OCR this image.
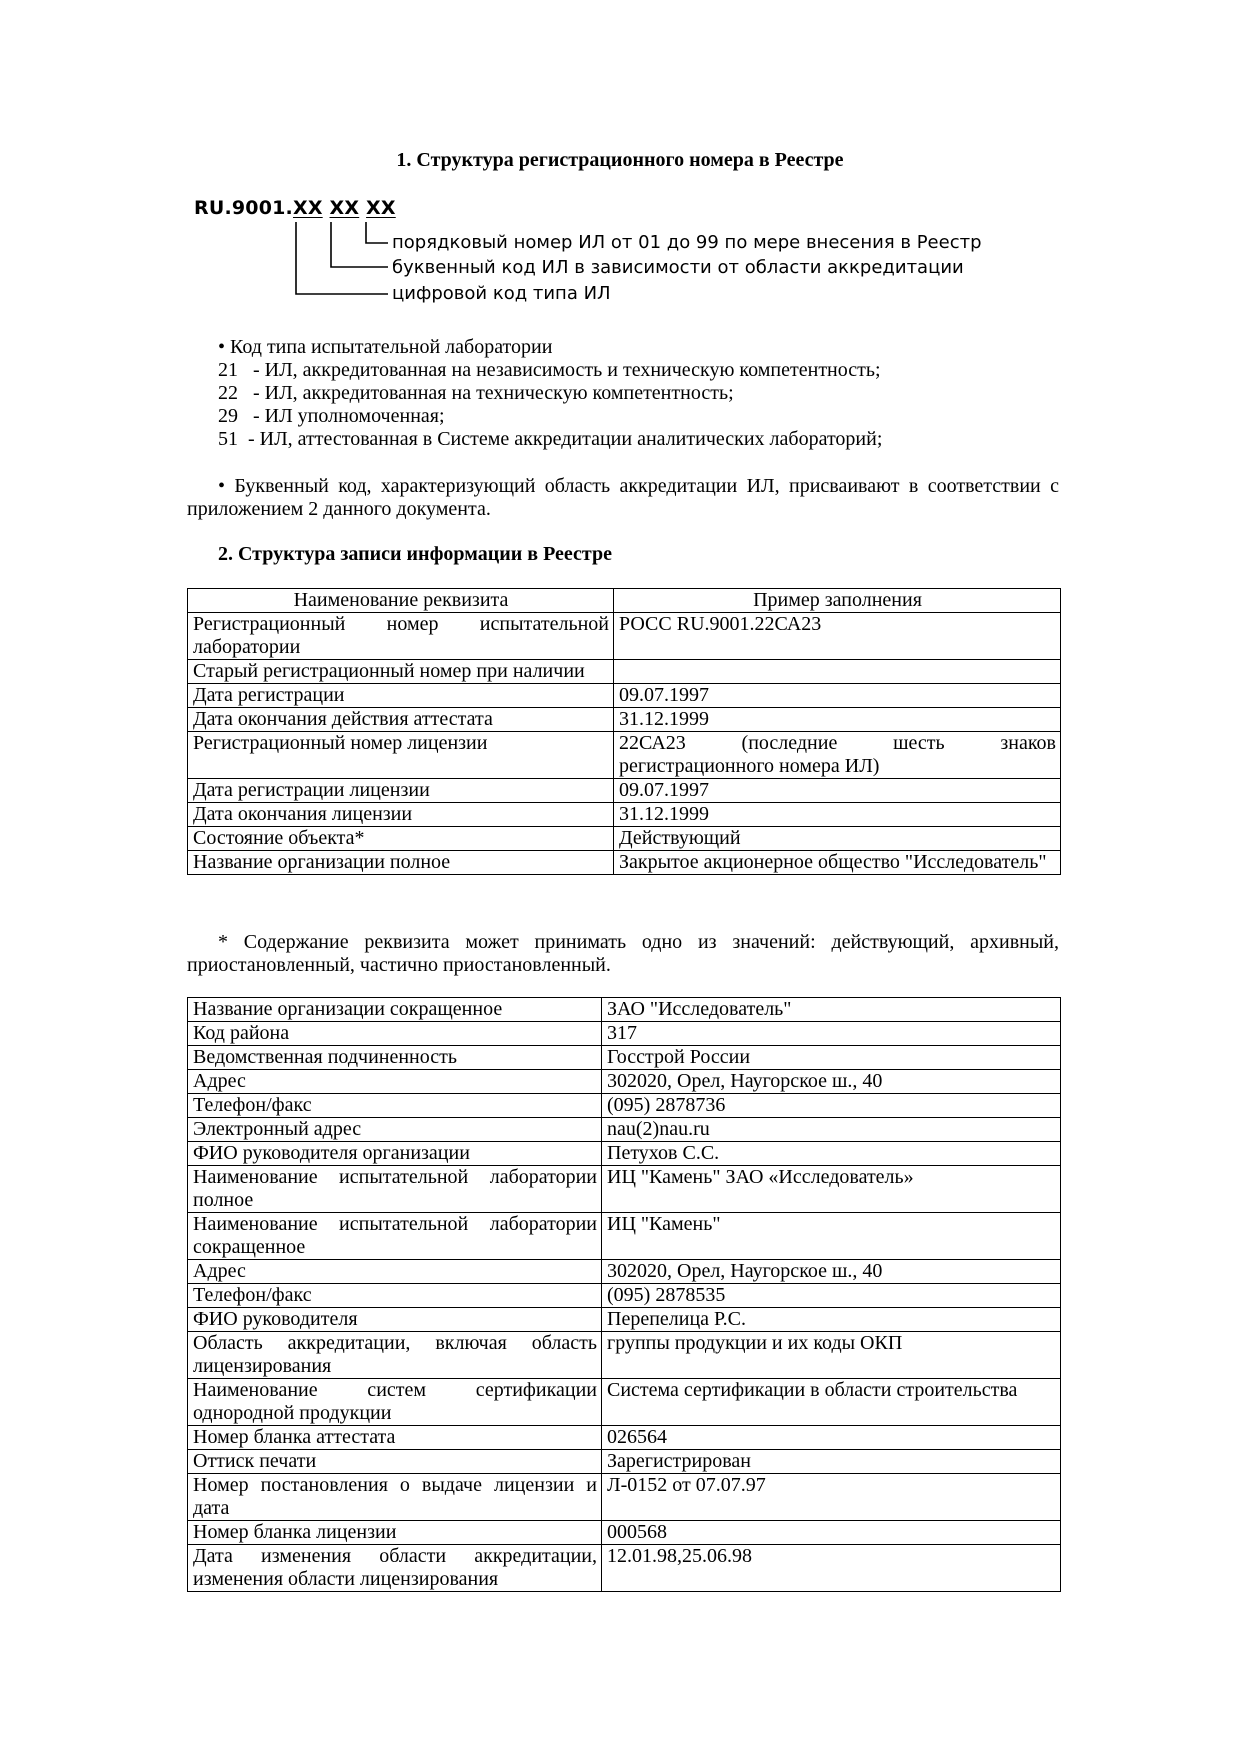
1. Структура регистрационного номера в Реестре
RU.9001.XX XX XX
порядковый номер ИЛ от 01 до 99 по мере внесения в Реестр
буквенный код ИЛ в зависимости от области аккредитации
цифровой код типа ИЛ
• Код типа испытательной лаборатории
21   - ИЛ, аккредитованная на независимость и техническую компетентность;
22   - ИЛ, аккредитованная на техническую компетентность;
29   - ИЛ уполномоченная;
51  - ИЛ, аттестованная в Системе аккредитации аналитических лабораторий;
• Буквенный код, характеризующий область аккредитации ИЛ, присваивают в соответствии с приложением 2 данного документа.
2. Структура записи информации в Реестре
Наименование реквизита	Пример заполнения
Регистрационный номер испытательной лаборатории	РОСС RU.9001.22СА23
Старый регистрационный номер при наличии	
Дата регистрации	09.07.1997
Дата окончания действия аттестата	31.12.1999
Регистрационный номер лицензии	22СА23 (последние шесть знаков регистрационного номера ИЛ)
Дата регистрации лицензии	09.07.1997
Дата окончания лицензии	31.12.1999
Состояние объекта*	Действующий
Название организации полное	Закрытое акционерное общество "Исследователь"
* Содержание реквизита может принимать одно из значений: действующий, архивный, приостановленный, частично приостановленный.
Название организации сокращенное	ЗАО "Исследователь"
Код района	317
Ведомственная подчиненность	Госстрой России
Адрес	302020, Орел, Наугорское ш., 40
Телефон/факс	(095) 2878736
Электронный адрес	nau(2)nau.ru
ФИО руководителя организации	Петухов С.С.
Наименование испытательной лаборатории полное	ИЦ "Камень" ЗАО «Исследователь»
Наименование испытательной лаборатории сокращенное	ИЦ "Камень"
Адрес	302020, Орел, Наугорское ш., 40
Телефон/факс	(095) 2878535
ФИО руководителя	Перепелица Р.С.
Область аккредитации, включая область лицензирования	группы продукции и их коды ОКП
Наименование систем сертификации однородной продукции	Система сертификации в области строительства
Номер бланка аттестата	026564
Оттиск печати	Зарегистрирован
Номер постановления о выдаче лицензии и дата	Л-0152 от 07.07.97
Номер бланка лицензии	000568
Дата изменения области аккредитации, изменения области лицензирования	12.01.98,25.06.98
